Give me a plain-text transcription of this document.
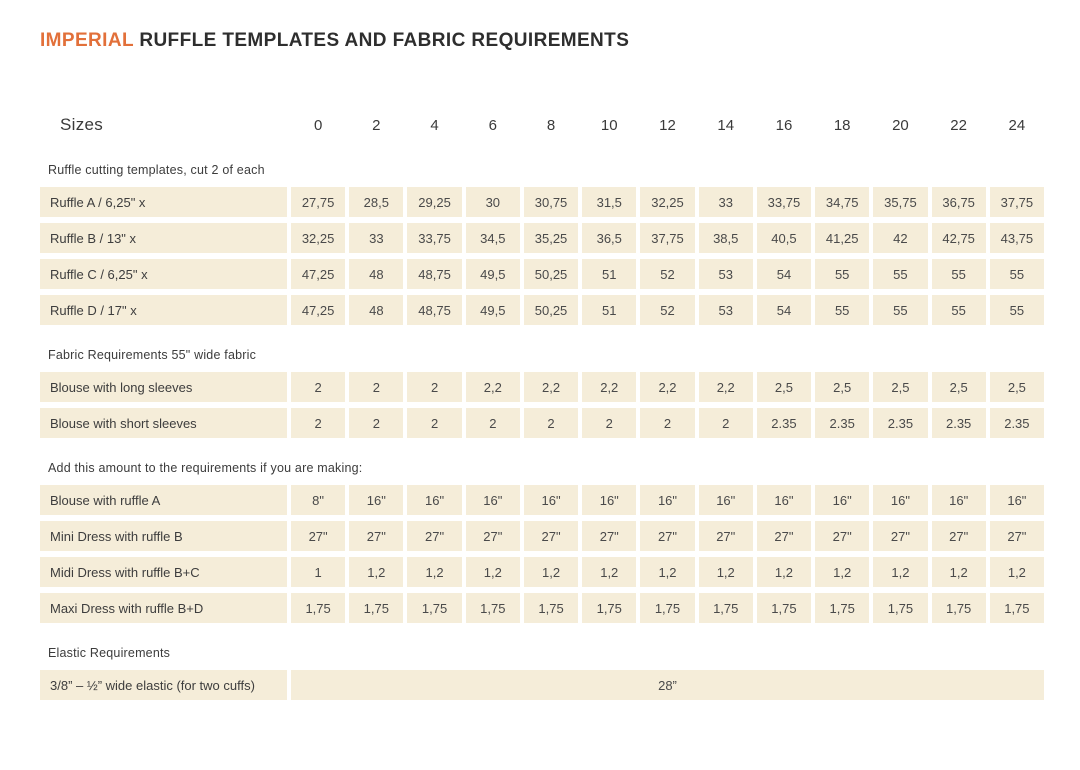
IMPERIAL RUFFLE TEMPLATES AND FABRIC REQUIREMENTS
Sizes	0	2	4	6	8	10	12	14	16	18	20	22	24
Ruffle cutting templates, cut 2 of each
Ruffle A / 6,25" x	27,75	28,5	29,25	30	30,75	31,5	32,25	33	33,75	34,75	35,75	36,75	37,75
Ruffle B / 13" x	32,25	33	33,75	34,5	35,25	36,5	37,75	38,5	40,5	41,25	42	42,75	43,75
Ruffle C / 6,25" x	47,25	48	48,75	49,5	50,25	51	52	53	54	55	55	55	55
Ruffle D / 17" x	47,25	48	48,75	49,5	50,25	51	52	53	54	55	55	55	55
Fabric Requirements 55" wide fabric
Blouse with long sleeves	2	2	2	2,2	2,2	2,2	2,2	2,2	2,5	2,5	2,5	2,5	2,5
Blouse with short sleeves	2	2	2	2	2	2	2	2	2.35	2.35	2.35	2.35	2.35
Add this amount to the requirements if you are making:
Blouse with ruffle A	8"	16"	16"	16"	16"	16"	16"	16"	16"	16"	16"	16"	16"
Mini Dress with ruffle B	27"	27"	27"	27"	27"	27"	27"	27"	27"	27"	27"	27"	27"
Midi Dress with ruffle B+C	1	1,2	1,2	1,2	1,2	1,2	1,2	1,2	1,2	1,2	1,2	1,2	1,2
Maxi Dress with ruffle B+D	1,75	1,75	1,75	1,75	1,75	1,75	1,75	1,75	1,75	1,75	1,75	1,75	1,75
Elastic Requirements
3/8” – ½” wide elastic (for two cuffs)	28”
